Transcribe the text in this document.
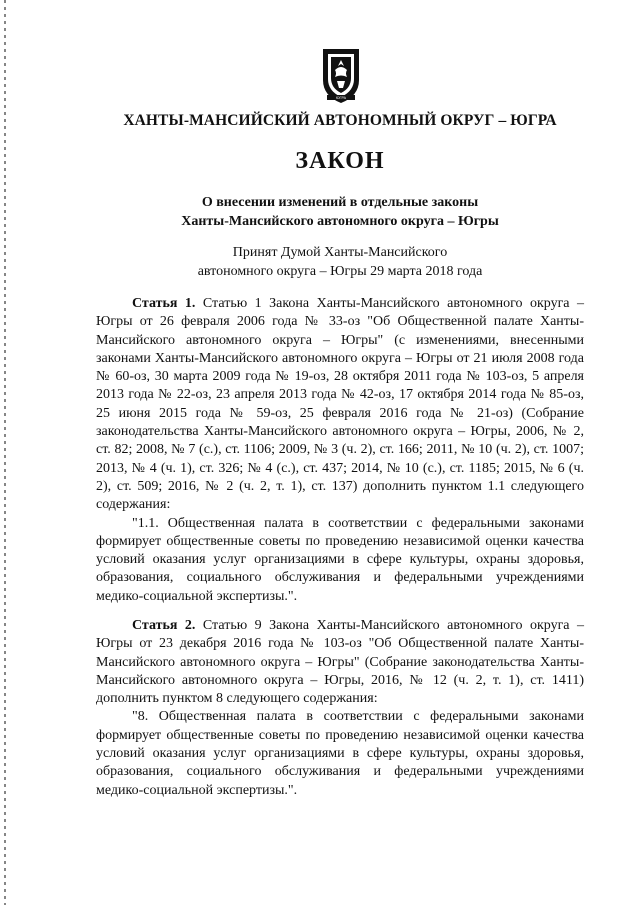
ЮГРА
ХАНТЫ-МАНСИЙСКИЙ АВТОНОМНЫЙ ОКРУГ – ЮГРА
ЗАКОН
О внесении изменений в отдельные законы
Ханты-Мансийского автономного округа – Югры
Принят Думой Ханты-Мансийского
автономного округа – Югры 29 марта 2018 года

Статья 1. Статью 1 Закона Ханты-Мансийского автономного округа – Югры от 26 февраля 2006 года № 33-оз "Об Общественной палате Ханты-Мансийского автономного округа – Югры" (с изменениями, внесенными законами Ханты-Мансийского автономного округа – Югры от 21 июля 2008 года № 60-оз, 30 марта 2009 года № 19-оз, 28 октября 2011 года № 103-оз, 5 апреля 2013 года № 22-оз, 23 апреля 2013 года № 42-оз, 17 октября 2014 года № 85-оз, 25 июня 2015 года № 59-оз, 25 февраля 2016 года № 21-оз) (Собрание законодательства Ханты-Мансийского автономного округа – Югры, 2006, № 2, ст. 82; 2008, № 7 (с.), ст. 1106; 2009, № 3 (ч. 2), ст. 166; 2011, № 10 (ч. 2), ст. 1007; 2013, № 4 (ч. 1), ст. 326; № 4 (с.), ст. 437; 2014, № 10 (с.), ст. 1185; 2015, № 6 (ч. 2), ст. 509; 2016, № 2 (ч. 2, т. 1), ст. 137) дополнить пунктом 1.1 следующего содержания:

"1.1. Общественная палата в соответствии с федеральными законами формирует общественные советы по проведению независимой оценки качества условий оказания услуг организациями в сфере культуры, охраны здоровья, образования, социального обслуживания и федеральными учреждениями медико-социальной экспертизы.".

Статья 2. Статью 9 Закона Ханты-Мансийского автономного округа – Югры от 23 декабря 2016 года № 103-оз "Об Общественной палате Ханты-Мансийского автономного округа – Югры" (Собрание законодательства Ханты-Мансийского автономного округа – Югры, 2016, № 12 (ч. 2, т. 1), ст. 1411) дополнить пунктом 8 следующего содержания:

"8. Общественная палата в соответствии с федеральными законами формирует общественные советы по проведению независимой оценки качества условий оказания услуг организациями в сфере культуры, охраны здоровья, образования, социального обслуживания и федеральными учреждениями медико-социальной экспертизы.".
